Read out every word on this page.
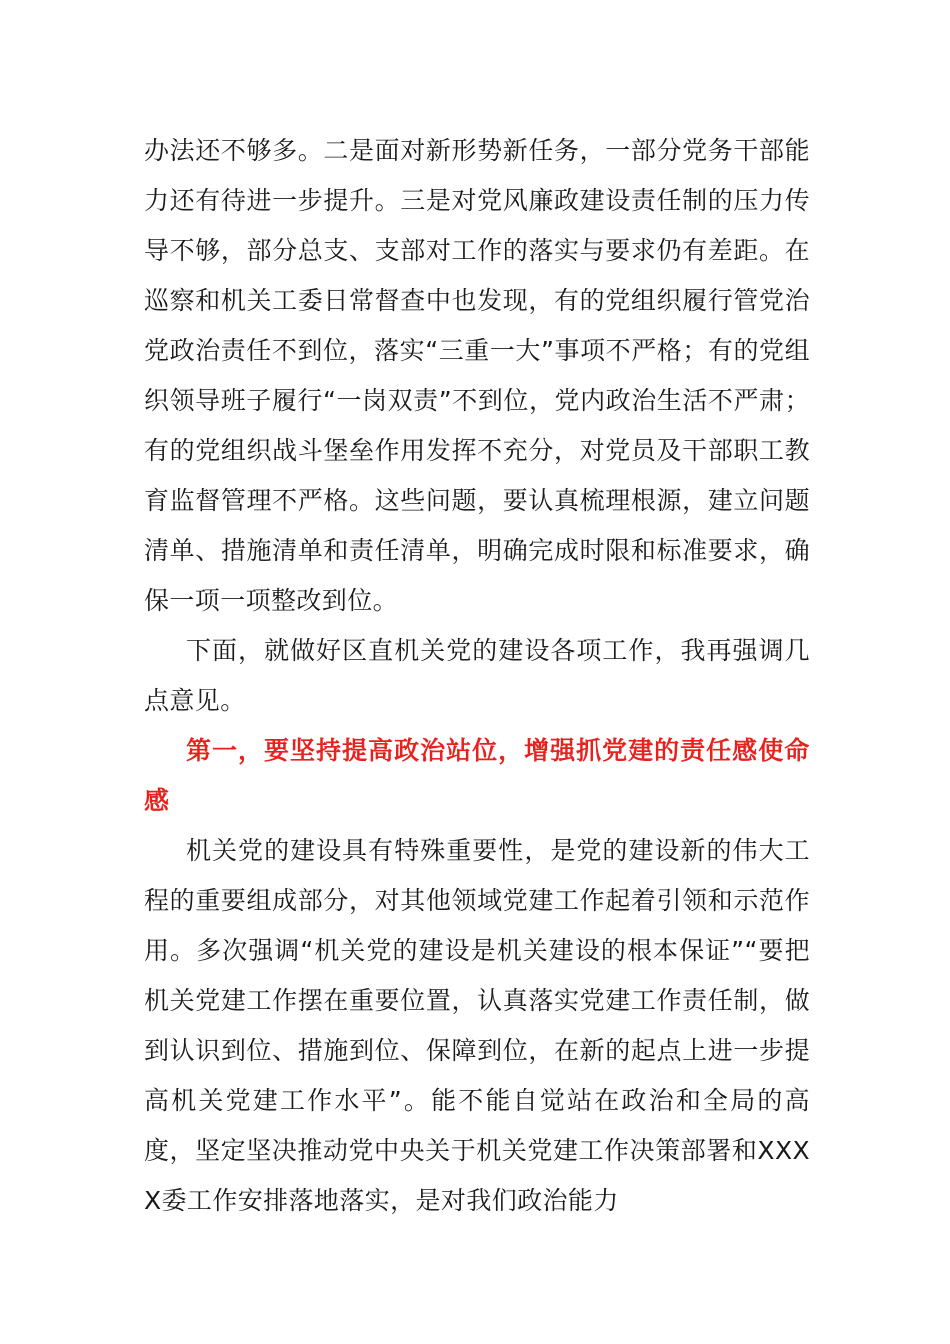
办法还不够多。二是面对新形势新任务，一部分党务干部能力还有待进一步提升。三是对党风廉政建设责任制的压力传导不够，部分总支、支部对工作的落实与要求仍有差距。在巡察和机关工委日常督查中也发现，有的党组织履行管党治党政治责任不到位，落实“三重一大”事项不严格；有的党组织领导班子履行“一岗双责”不到位，党内政治生活不严肃；有的党组织战斗堡垒作用发挥不充分，对党员及干部职工教育监督管理不严格。这些问题，要认真梳理根源，建立问题清单、措施清单和责任清单，明确完成时限和标准要求，确保一项一项整改到位。

下面，就做好区直机关党的建设各项工作，我再强调几点意见。

第一，要坚持提高政治站位，增强抓党建的责任感使命感

机关党的建设具有特殊重要性，是党的建设新的伟大工程的重要组成部分，对其他领域党建工作起着引领和示范作用。多次强调“机关党的建设是机关建设的根本保证”“要把机关党建工作摆在重要位置，认真落实党建工作责任制，做到认识到位、措施到位、保障到位，在新的起点上进一步提高机关党建工作水平”。能不能自觉站在政治和全局的高度，坚定坚决推动党中央关于机关党建工作决策部署和XXXX委工作安排落地落实，是对我们政治能力
